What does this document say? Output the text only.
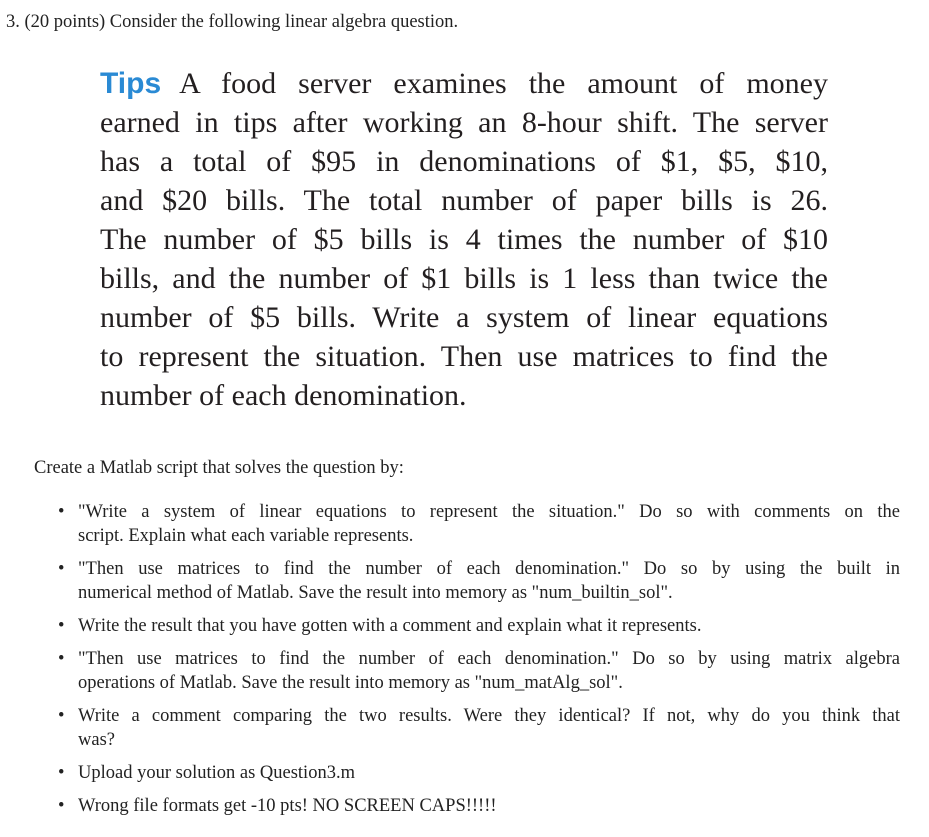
3. (20 points) Consider the following linear algebra question.
Tips A food server examines the amount of money
earned in tips after working an 8-hour shift. The server
has a total of $95 in denominations of $1, $5, $10,
and $20 bills. The total number of paper bills is 26.
The number of $5 bills is 4 times the number of $10
bills, and the number of $1 bills is 1 less than twice the
number of $5 bills. Write a system of linear equations
to represent the situation. Then use matrices to find the
number of each denomination.
Create a Matlab script that solves the question by:
• "Write a system of linear equations to represent the situation." Do so with comments on the
script. Explain what each variable represents.
• "Then use matrices to find the number of each denomination." Do so by using the built in
numerical method of Matlab. Save the result into memory as "num_builtin_sol".
• Write the result that you have gotten with a comment and explain what it represents.
• "Then use matrices to find the number of each denomination." Do so by using matrix algebra
operations of Matlab. Save the result into memory as "num_matAlg_sol".
• Write a comment comparing the two results. Were they identical? If not, why do you think that
was?
• Upload your solution as Question3.m
• Wrong file formats get -10 pts! NO SCREEN CAPS!!!!!
